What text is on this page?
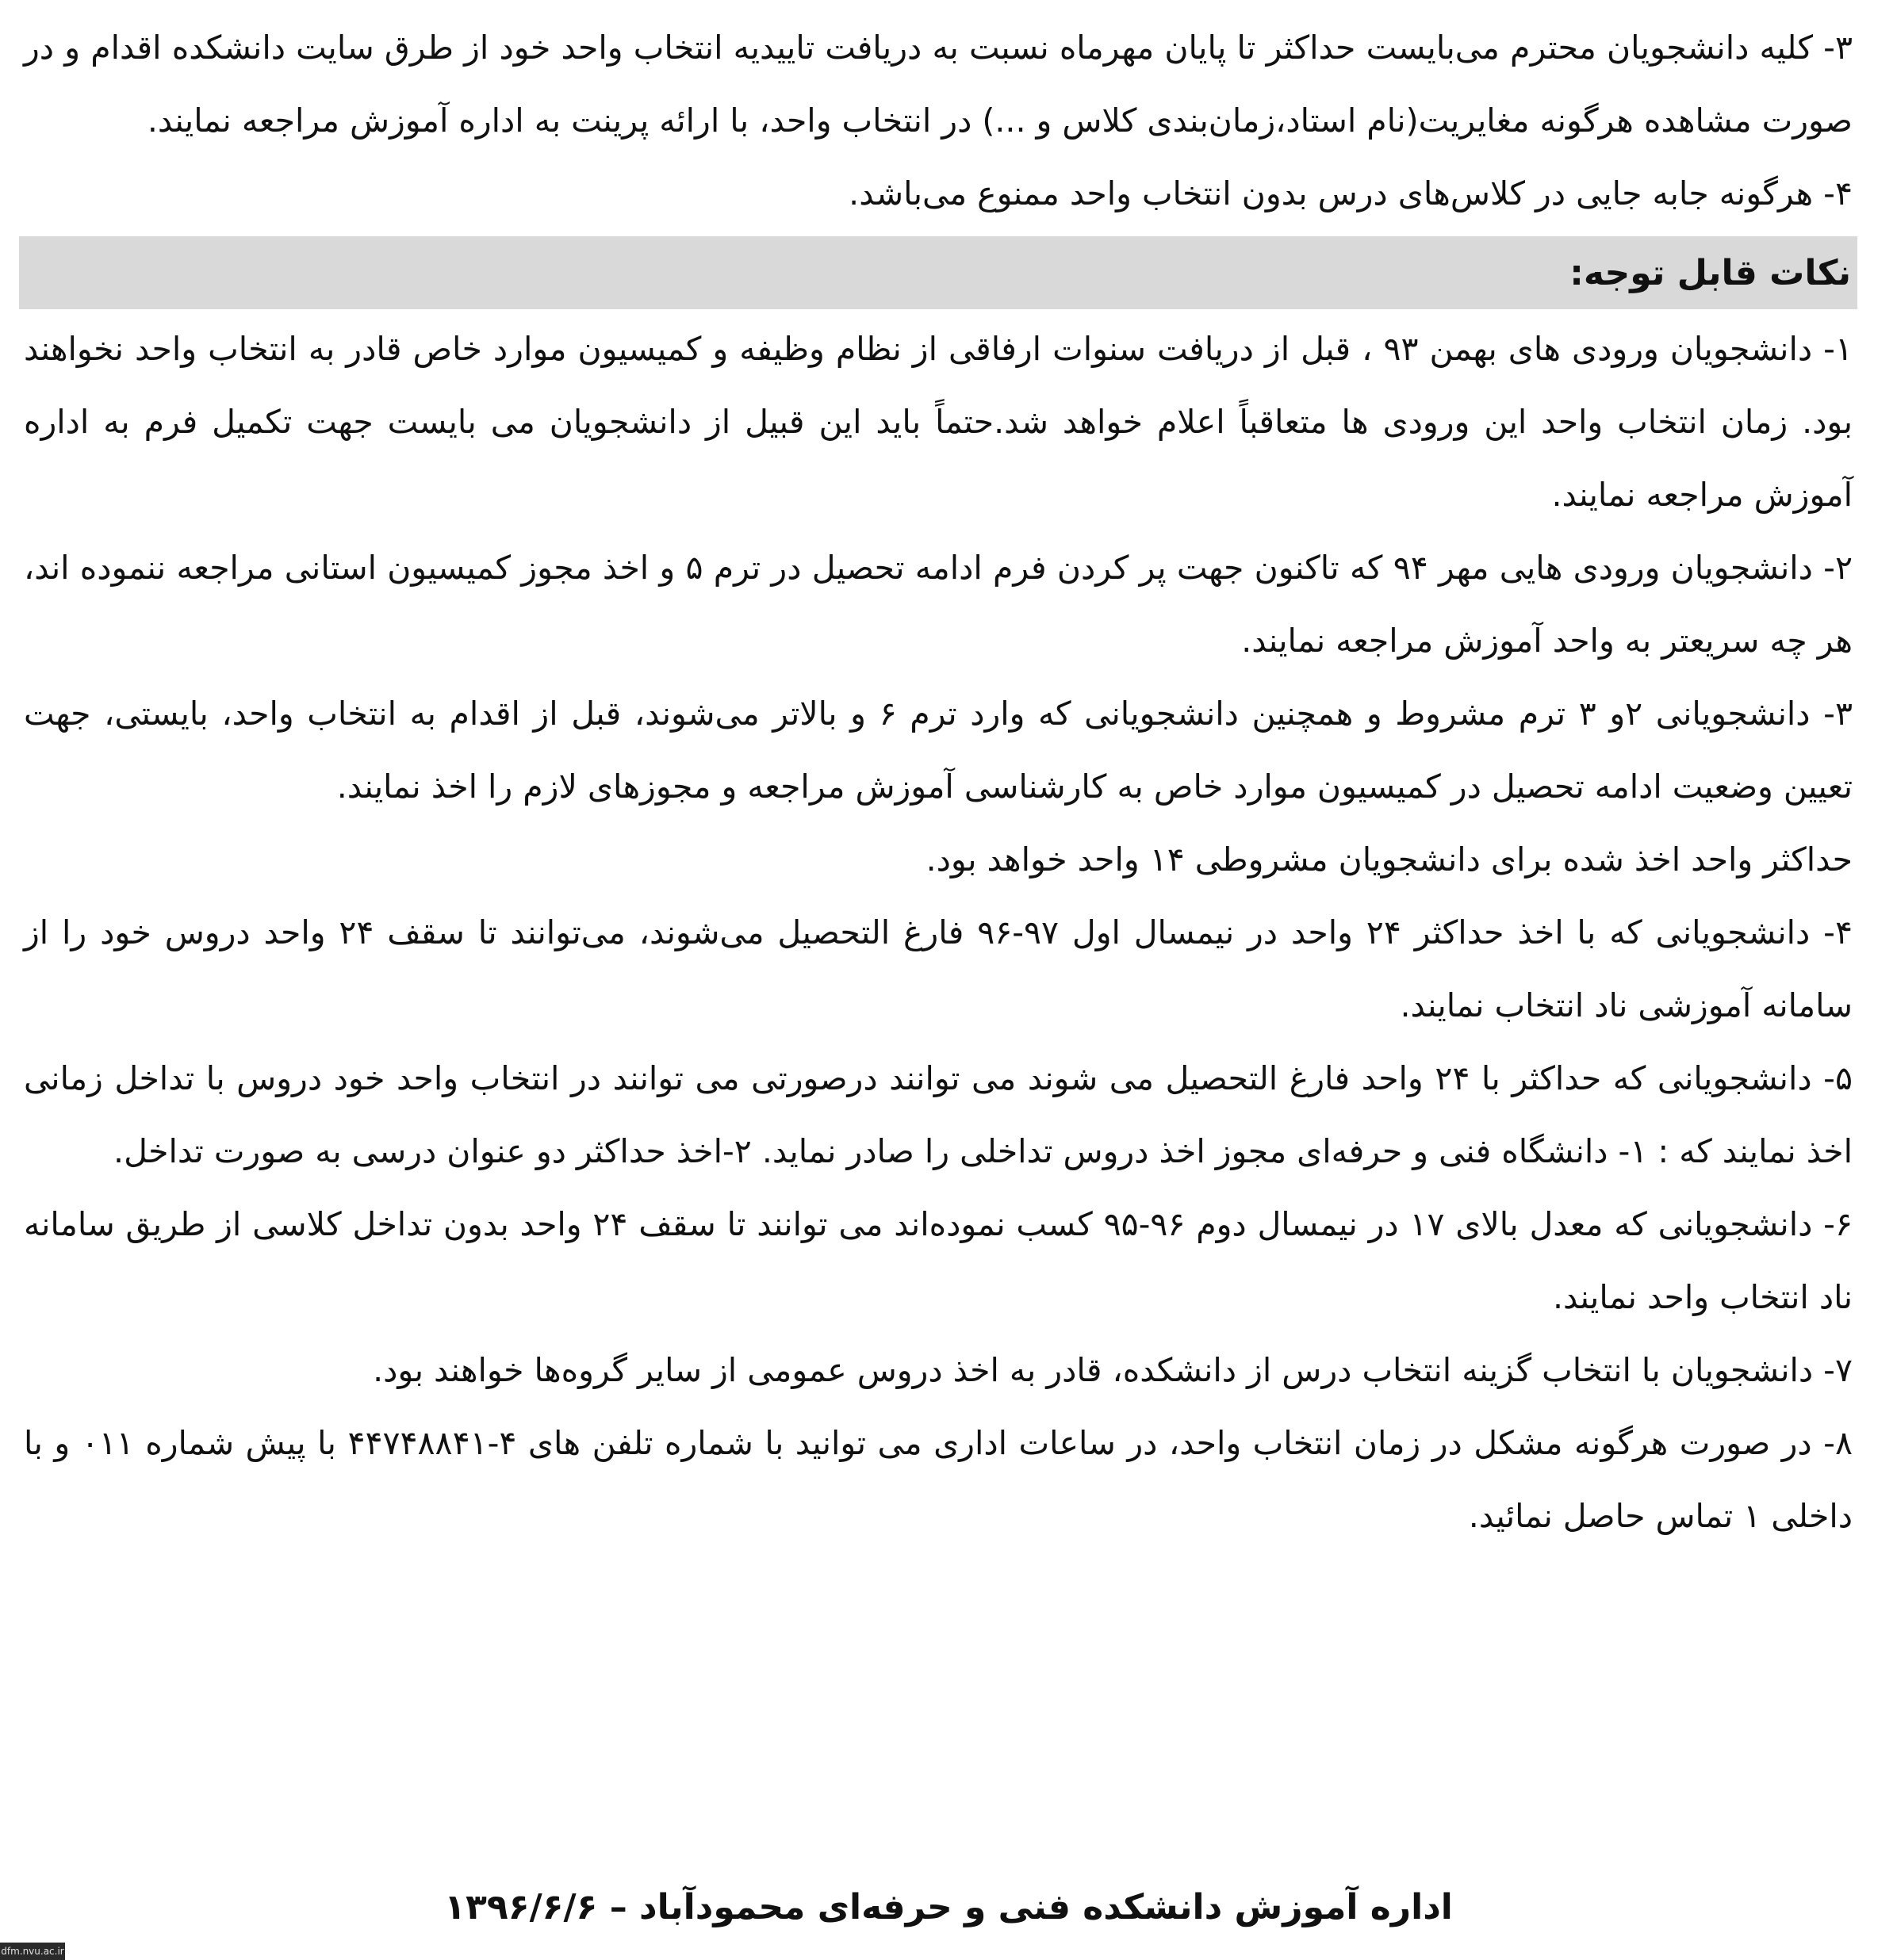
۳- کلیه دانشجویان محترم می‌بایست حداکثر تا پایان مهرماه نسبت به دریافت تاییدیه انتخاب واحد خود از طرق سایت دانشکده اقدام و در صورت مشاهده هرگونه مغایریت(نام استاد،زمان‌بندی کلاس و ...) در انتخاب واحد، با ارائه پرینت به اداره آموزش مراجعه نمایند.

۴- هرگونه جابه جایی در کلاس‌های درس بدون انتخاب واحد ممنوع می‌باشد.

نکات قابل توجه:

۱- دانشجویان ورودی های بهمن ۹۳ ، قبل از دریافت سنوات ارفاقی از نظام وظیفه و کمیسیون موارد خاص قادر به انتخاب واحد نخواهند بود. زمان انتخاب واحد این ورودی ها متعاقباً اعلام خواهد شد.حتماً باید این قبیل از دانشجویان می بایست جهت تکمیل فرم به اداره آموزش مراجعه نمایند.

۲- دانشجویان ورودی هایی مهر ۹۴ که تاکنون جهت پر کردن فرم ادامه تحصیل در ترم ۵ و اخذ مجوز کمیسیون استانی مراجعه ننموده اند، هر چه سریعتر به واحد آموزش مراجعه نمایند.

۳- دانشجویانی ۲و ۳ ترم مشروط و همچنین دانشجویانی که وارد ترم ۶ و بالاتر می‌شوند، قبل از اقدام به انتخاب واحد، بایستی، جهت تعیین وضعیت ادامه تحصیل در کمیسیون موارد خاص به کارشناسی آموزش مراجعه و مجوزهای لازم را اخذ نمایند.

حداکثر واحد اخذ شده برای دانشجویان مشروطی ۱۴ واحد خواهد بود.

۴- دانشجویانی که با اخذ حداکثر ۲۴ واحد در نیمسال اول ۹۷-۹۶ فارغ التحصیل می‌شوند، می‌توانند تا سقف ۲۴ واحد دروس خود را از سامانه آموزشی ناد انتخاب نمایند.

۵- دانشجویانی که حداکثر با ۲۴ واحد فارغ التحصیل می شوند می توانند درصورتی می توانند در انتخاب واحد خود دروس با تداخل زمانی اخذ نمایند که : ۱- دانشگاه فنی و حرفه‌ای مجوز اخذ دروس تداخلی را صادر نماید. ۲-اخذ حداکثر دو عنوان درسی به صورت تداخل.

۶- دانشجویانی که معدل بالای ۱۷ در نیمسال دوم ۹۶-۹۵ کسب نموده‌اند می توانند تا سقف ۲۴ واحد بدون تداخل کلاسی از طریق سامانه ناد انتخاب واحد نمایند.

۷- دانشجویان با انتخاب گزینه انتخاب درس از دانشکده، قادر به اخذ دروس عمومی از سایر گروه‌ها خواهند بود.

۸- در صورت هرگونه مشکل در زمان انتخاب واحد، در ساعات اداری می توانید با شماره تلفن های ۴-۴۴۷۴۸۸۴۱ با پیش شماره ۰۱۱ و با داخلی ۱ تماس حاصل نمائید.

اداره آموزش دانشکده فنی و حرفه‌ای محمودآباد – ۱۳۹۶/۶/۶
dfm.nvu.ac.ir
